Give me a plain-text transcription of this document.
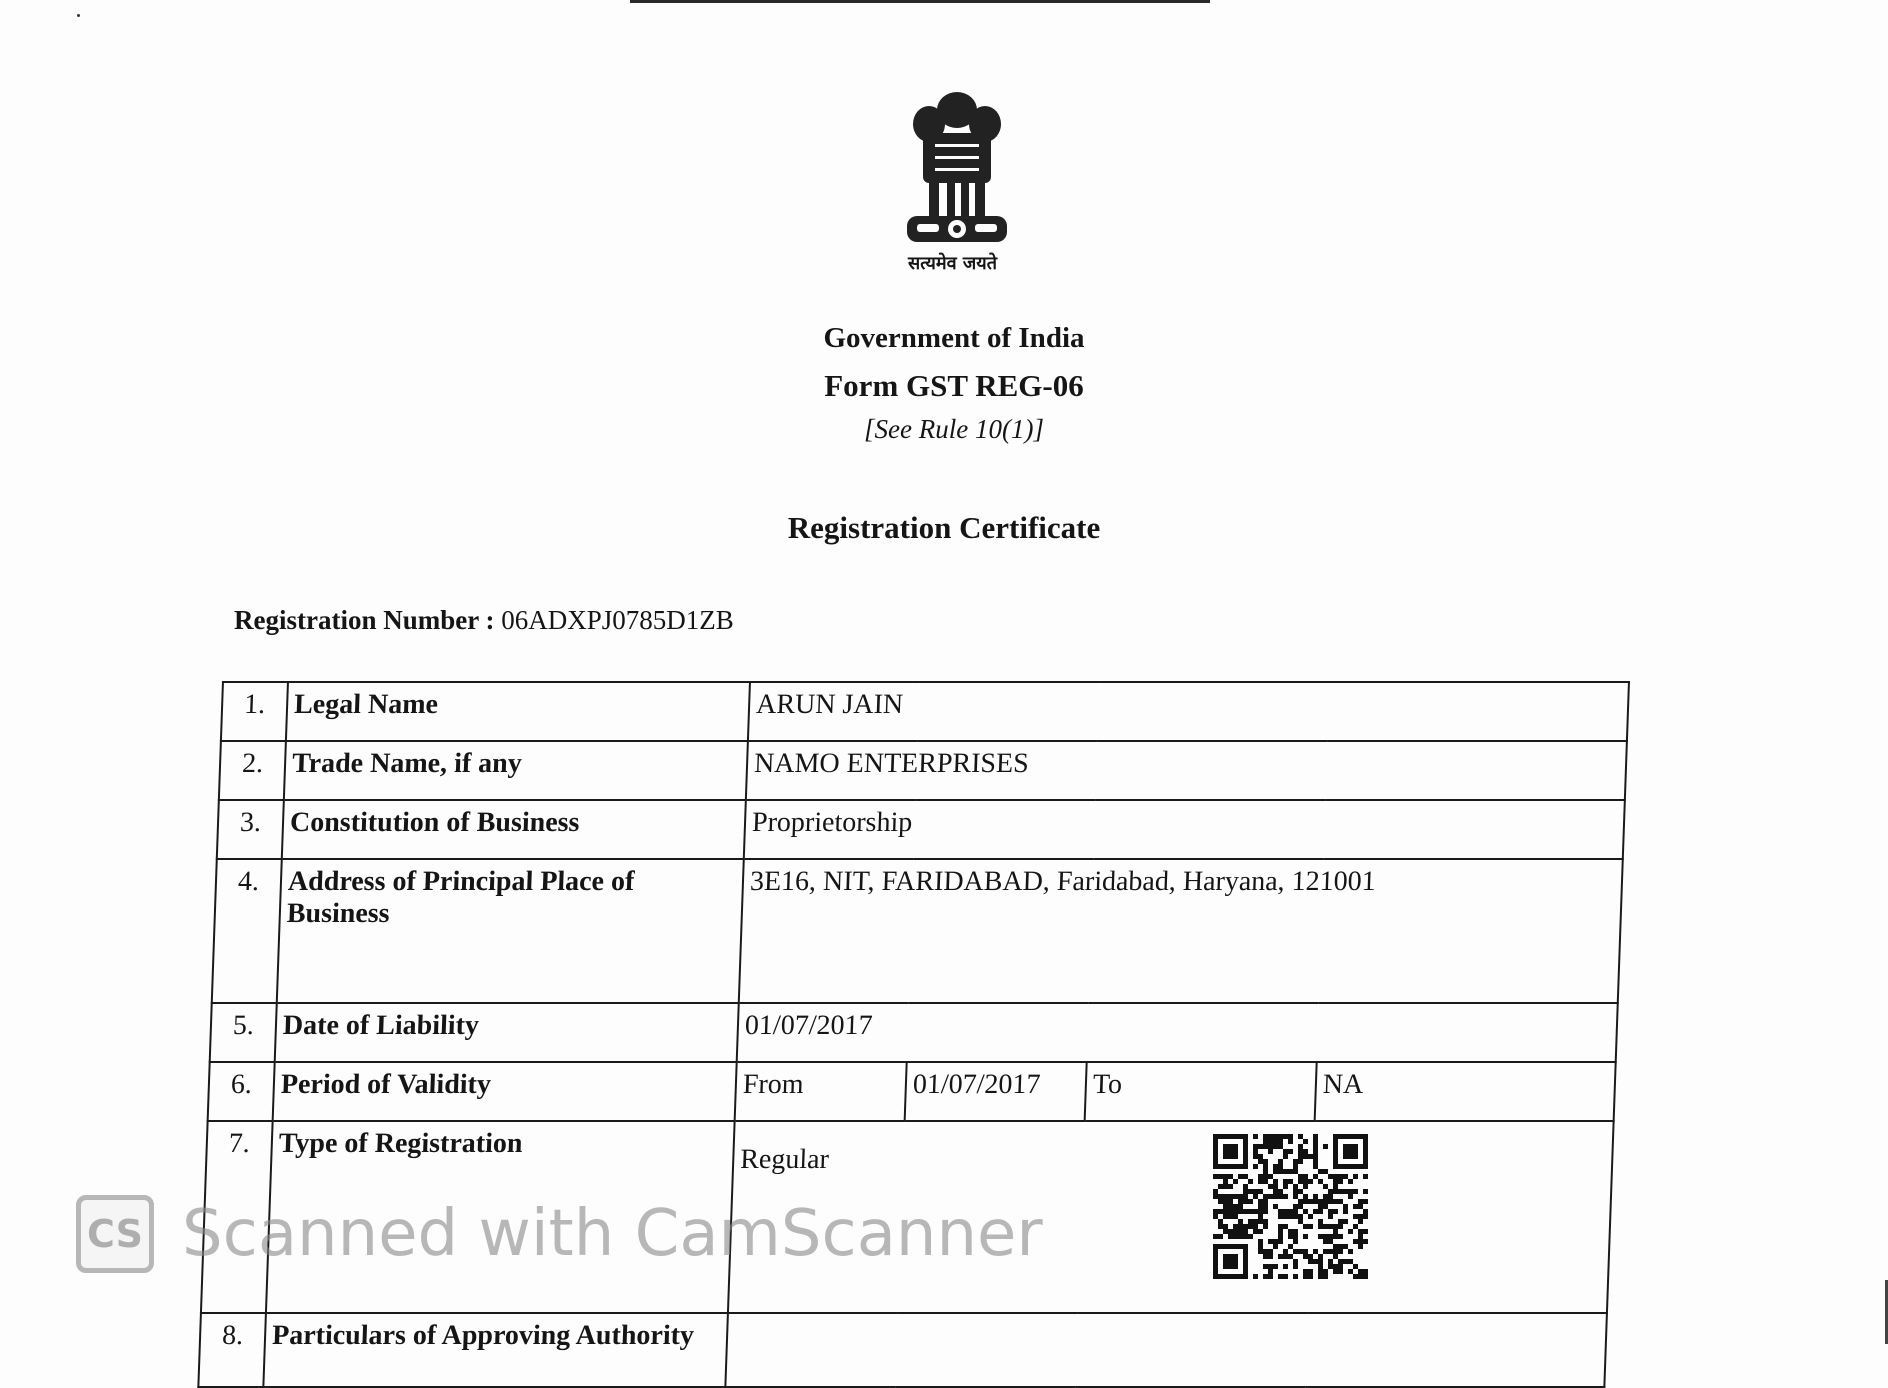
सत्यमेव जयते
Government of India
Form GST REG-06
[See Rule 10(1)]
Registration Certificate
Registration Number : 06ADXPJ0785D1ZB
1.	Legal Name	ARUN JAIN			
2.	Trade Name, if any	NAMO ENTERPRISES			
3.	Constitution of Business	Proprietorship			
4.	Address of Principal Place of Business	3E16, NIT, FARIDABAD, Faridabad, Haryana, 121001			
5.	Date of Liability	01/07/2017			
6.	Period of Validity	From	01/07/2017	To	NA
7.	Type of Registration	Regular			
8.	Particulars of Approving Authority				
CS Scanned with CamScanner
